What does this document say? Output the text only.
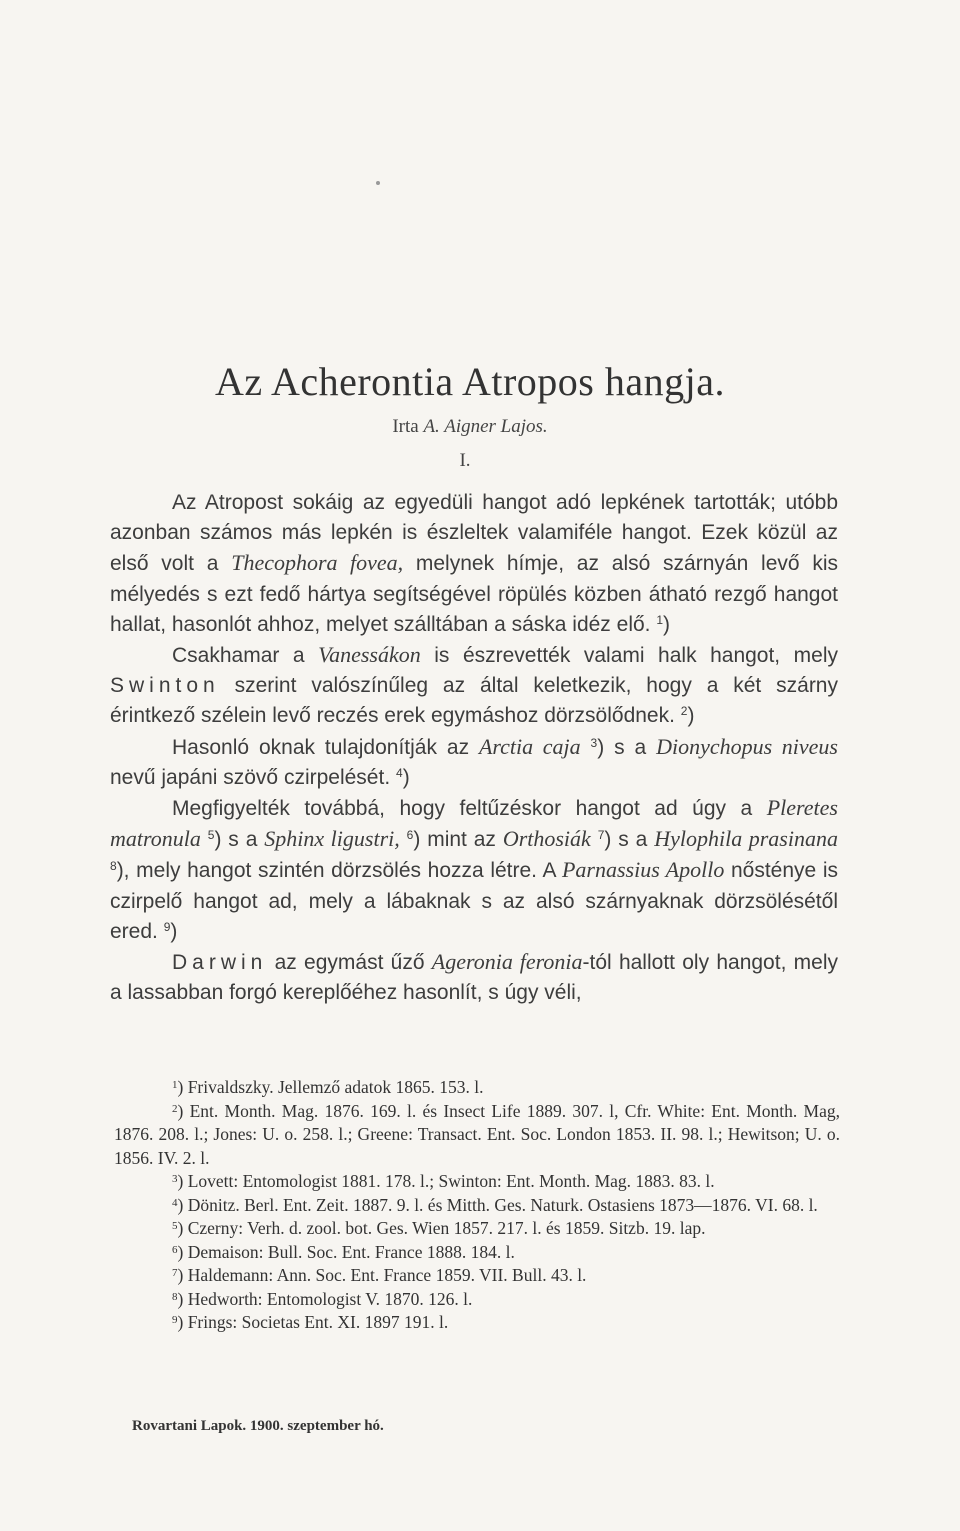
Az Acherontia Atropos hangja.
Irta A. Aigner Lajos.
I.

Az Atropost sokáig az egyedüli hangot adó lepkének tartották; utóbb azonban számos más lepkén is észleltek valamiféle hangot. Ezek közül az első volt a Thecophora fovea, melynek hímje, az alsó szárnyán levő kis mélyedés s ezt fedő hártya segítségével röpülés közben átható rezgő hangot hallat, hasonlót ahhoz, melyet szálltában a sáska idéz elő. $^1$)

Csakhamar a Vanessákon is észrevették valami halk hangot, mely Swinton szerint valószínűleg az által keletkezik, hogy a két szárny érintkező szélein levő reczés erek egymáshoz dörzsölődnek. $^2$)

Hasonló oknak tulajdonítják az Arctia caja $^3$) s a Dionychopus niveus nevű japáni szövő czirpelését. $^4$)

Megfigyelték továbbá, hogy feltűzéskor hangot ad úgy a Pleretes matronula $^5$) s a Sphinx ligustri, $^6$) mint az Orthosiák $^7$) s a Hylophila prasinana $^8$), mely hangot szintén dörzsölés hozza létre. A Parnassius Apollo nősténye is czirpelő hangot ad, mely a lábaknak s az alsó szárnyaknak dörzsölésétől ered. $^9$)

Darwin az egymást űző Ageronia feronia-tól hallott oly hangot, mely a lassabban forgó kereplőéhez hasonlít, s úgy véli,

$^1$) Frivaldszky. Jellemző adatok 1865. 153. l.

$^2$) Ent. Month. Mag. 1876. 169. l. és Insect Life 1889. 307. l, Cfr. White: Ent. Month. Mag, 1876. 208. l.; Jones: U. o. 258. l.; Greene: Transact. Ent. Soc. London 1853. II. 98. l.; Hewitson; U. o. 1856. IV. 2. l.

$^3$) Lovett: Entomologist 1881. 178. l.; Swinton: Ent. Month. Mag. 1883. 83. l.

$^4$) Dönitz. Berl. Ent. Zeit. 1887. 9. l. és Mitth. Ges. Naturk. Ostasiens 1873—1876. VI. 68. l.

$^5$) Czerny: Verh. d. zool. bot. Ges. Wien 1857. 217. l. és 1859. Sitzb. 19. lap.

$^6$) Demaison: Bull. Soc. Ent. France 1888. 184. l.

$^7$) Haldemann: Ann. Soc. Ent. France 1859. VII. Bull. 43. l.

$^8$) Hedworth: Entomologist V. 1870. 126. l.

$^9$) Frings: Societas Ent. XI. 1897 191. l.

Rovartani Lapok. 1900. szeptember hó.
